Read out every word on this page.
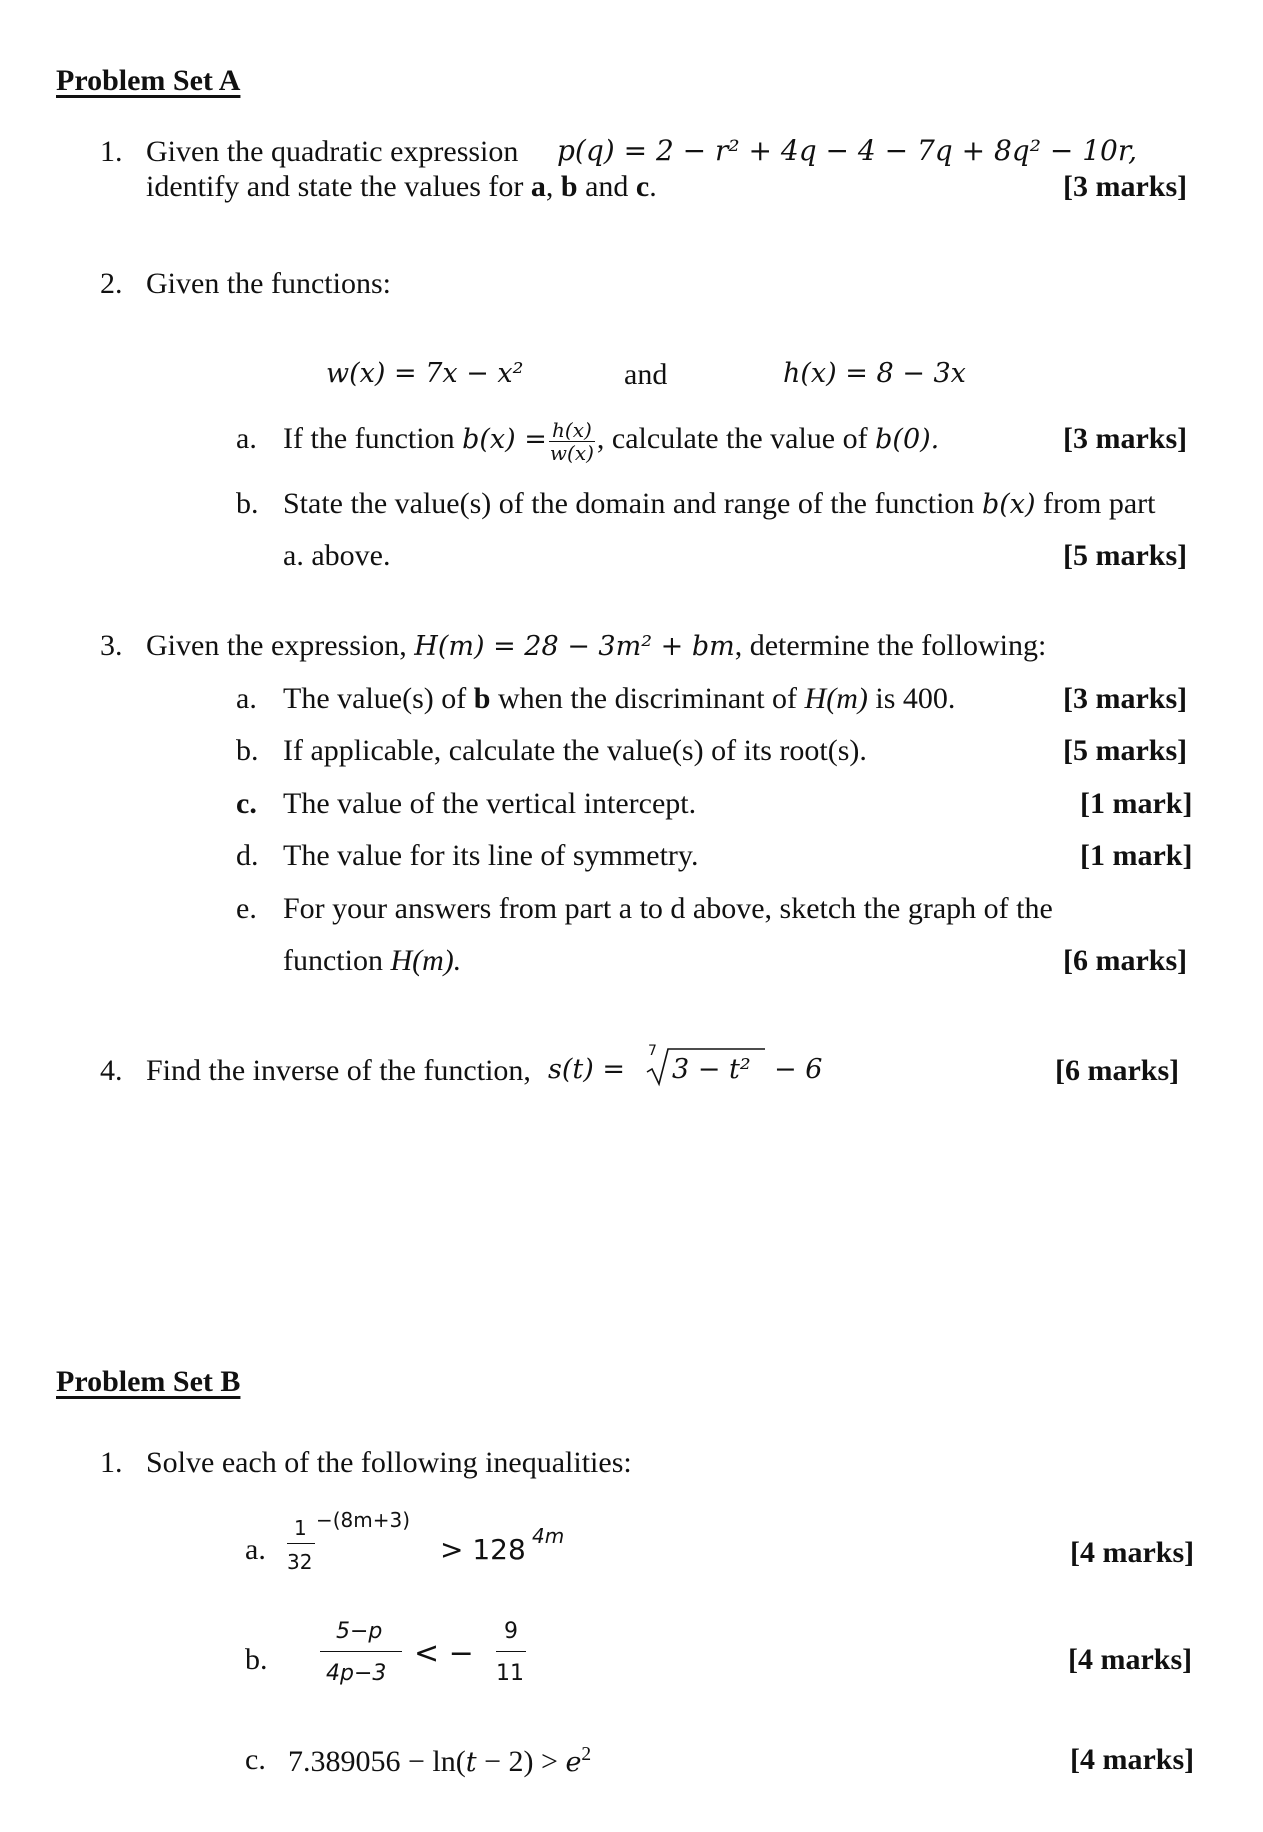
Problem Set A
1. Given the quadratic expression p(q) = 2 − r² + 4q − 4 − 7q + 8q² − 10r,
identify and state the values for a, b and c.	[3 marks]
2. Given the functions:
w(x) = 7x − x²	and	h(x) = 8 − 3x
a. If the function $b(x) = \frac{h(x)}{w(x)}$ , calculate the value of b(0).	[3 marks]
b. State the value(s) of the domain and range of the function b(x) from part
a. above.	[5 marks]
3. Given the expression, H(m) = 28 − 3m² + bm, determine the following:
a. The value(s) of b when the discriminant of H(m) is 400.	[3 marks]
b. If applicable, calculate the value(s) of its root(s).	[5 marks]
c. The value of the vertical intercept.	[1 mark]
d. The value for its line of symmetry.	[1 mark]
e. For your answers from part a to d above, sketch the graph of the
function H(m).	[6 marks]
4. Find the inverse of the function, s(t) =
7
3 − t² − 6	[6 marks]
Problem Set B
1. Solve each of the following inequalities:
a.
1
32
−(8m+3)
> 128 4m	[4 marks]
b.
5−p
4p−3
< −
9
11	[4 marks]
c. $7.389056 - \ln(t - 2) > e^2$	[4 marks]
